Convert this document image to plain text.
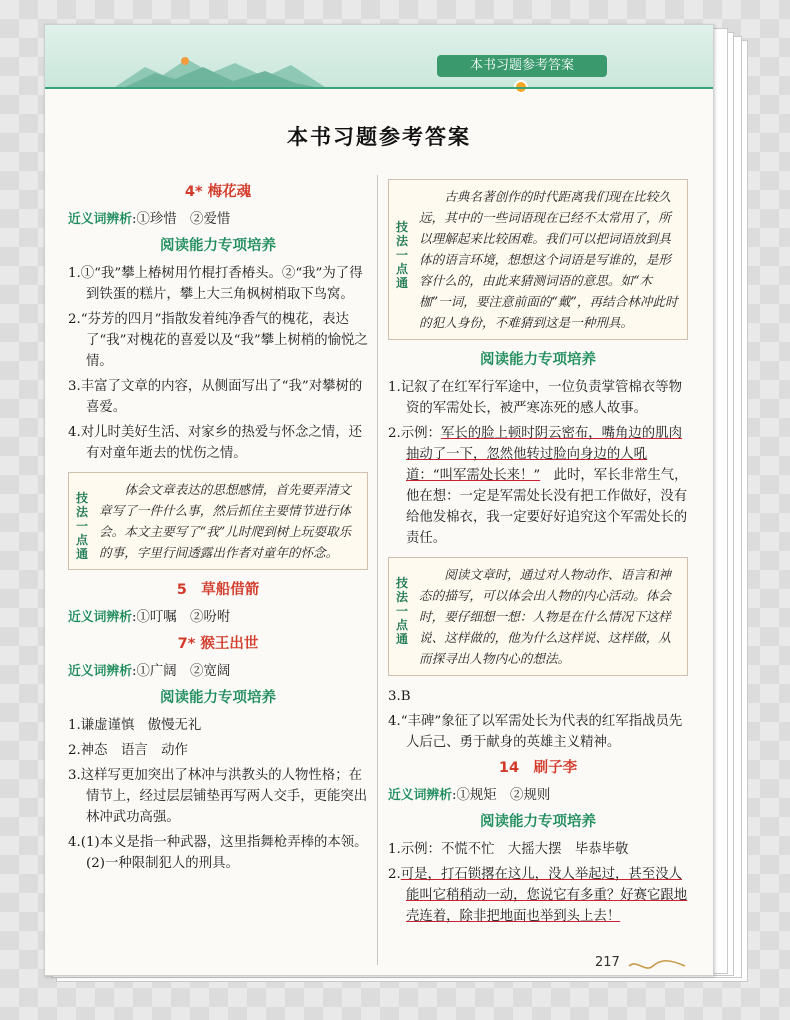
本书习题参考答案
本书习题参考答案
4* 梅花魂
近义词辨析:①珍惜　②爱惜
阅读能力专项培养
1.①“我”攀上椿树用竹棍打香椿头。②“我”为了得到铁蛋的糕片，攀上大三角枫树梢取下鸟窝。
2.“芬芳的四月”指散发着纯净香气的槐花，表达了“我”对槐花的喜爱以及“我”攀上树梢的愉悦之情。
3.丰富了文章的内容，从侧面写出了“我”对攀树的喜爱。
4.对儿时美好生活、对家乡的热爱与怀念之情，还有对童年逝去的忧伤之情。
技法一点通
体会文章表达的思想感情，首先要弄清文章写了一件什么事，然后抓住主要情节进行体会。本文主要写了“我”儿时爬到树上玩耍取乐的事，字里行间透露出作者对童年的怀念。
5　草船借箭
近义词辨析:①叮嘱　②吩咐
7* 猴王出世
近义词辨析:①广阔　②宽阔
阅读能力专项培养
1.谦虚谨慎　傲慢无礼
2.神态　语言　动作
3.这样写更加突出了林冲与洪教头的人物性格；在情节上，经过层层铺垫再写两人交手，更能突出林冲武功高强。
4.(1)本义是指一种武器，这里指舞枪弄棒的本领。　(2)一种限制犯人的刑具。
技法一点通
古典名著创作的时代距离我们现在比较久远，其中的一些词语现在已经不太常用了，所以理解起来比较困难。我们可以把词语放到具体的语言环境，想想这个词语是写谁的，是形容什么的，由此来猜测词语的意思。如“木枷”一词，要注意前面的“戴”，再结合林冲此时的犯人身份，不难猜到这是一种刑具。
阅读能力专项培养
1.记叙了在红军行军途中，一位负责掌管棉衣等物资的军需处长，被严寒冻死的感人故事。
2.示例：军长的脸上顿时阴云密布，嘴角边的肌肉抽动了一下，忽然他转过脸向身边的人吼道：“叫军需处长来！”　此时，军长非常生气，他在想：一定是军需处长没有把工作做好，没有给他发棉衣，我一定要好好追究这个军需处长的责任。
技法一点通
阅读文章时，通过对人物动作、语言和神态的描写，可以体会出人物的内心活动。体会时，要仔细想一想：人物是在什么情况下这样说、这样做的，他为什么这样说、这样做，从而探寻出人物内心的想法。
3.B
4.“丰碑”象征了以军需处长为代表的红军指战员先人后己、勇于献身的英雄主义精神。
14　刷子李
近义词辨析:①规矩　②规则
阅读能力专项培养
1.示例：不慌不忙　大摇大摆　毕恭毕敬
2.可是，打石锁撂在这儿，没人举起过，甚至没人能叫它稍稍动一动，您说它有多重？好赛它跟地壳连着，除非把地面也举到头上去！
217
